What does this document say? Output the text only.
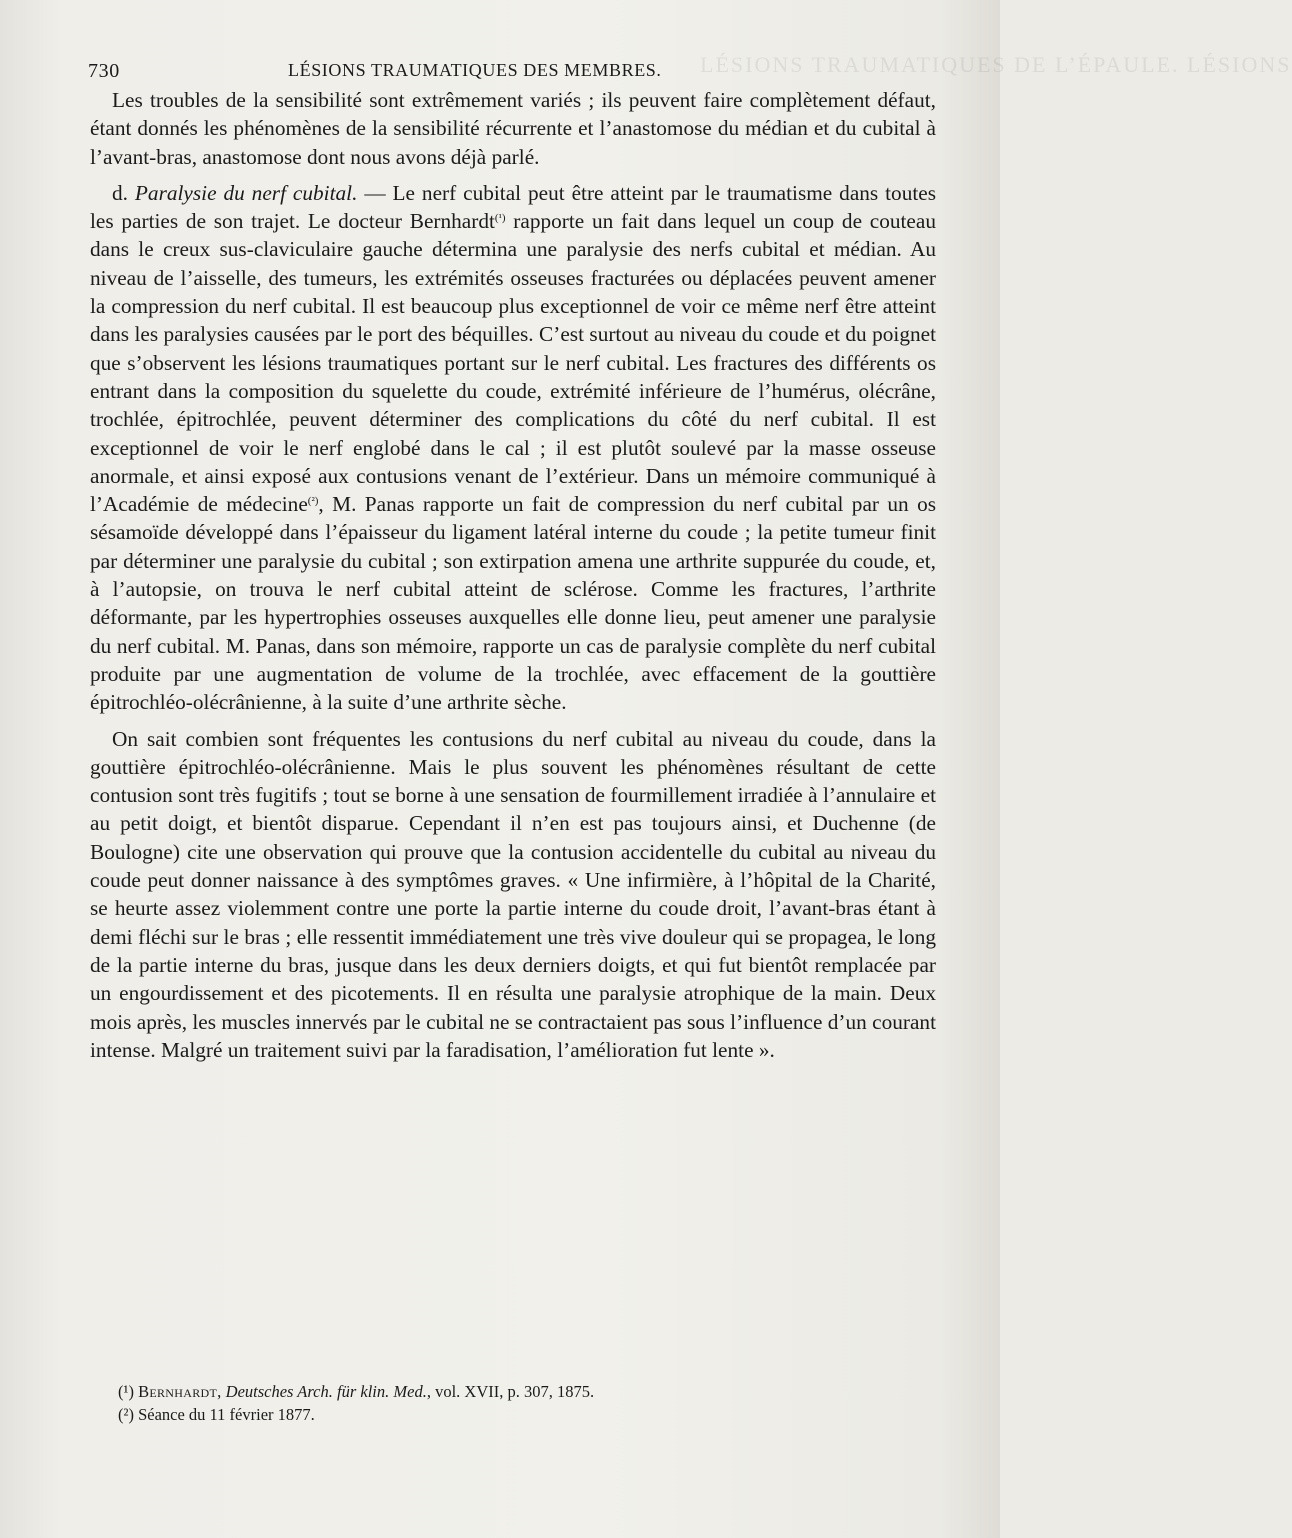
LÉSIONS TRAUMATIQUES DE L’ÉPAULE. LÉSIONS
730	LÉSIONS TRAUMATIQUES DES MEMBRES.

Les troubles de la sensibilité sont extrêmement variés ; ils peuvent faire complètement défaut, étant donnés les phénomènes de la sensibilité récurrente et l’anastomose du médian et du cubital à l’avant-bras, anastomose dont nous avons déjà parlé.

d. Paralysie du nerf cubital. — Le nerf cubital peut être atteint par le traumatisme dans toutes les parties de son trajet. Le docteur Bernhardt$^{(^1)}$ rapporte un fait dans lequel un coup de couteau dans le creux sus-claviculaire gauche détermina une paralysie des nerfs cubital et médian. Au niveau de l’aisselle, des tumeurs, les extrémités osseuses fracturées ou déplacées peuvent amener la compression du nerf cubital. Il est beaucoup plus exceptionnel de voir ce même nerf être atteint dans les paralysies causées par le port des béquilles. C’est surtout au niveau du coude et du poignet que s’observent les lésions traumatiques portant sur le nerf cubital. Les fractures des différents os entrant dans la composition du squelette du coude, extrémité inférieure de l’humérus, olécrâne, trochlée, épitrochlée, peuvent déterminer des complications du côté du nerf cubital. Il est exceptionnel de voir le nerf englobé dans le cal ; il est plutôt soulevé par la masse osseuse anormale, et ainsi exposé aux contusions venant de l’extérieur. Dans un mémoire communiqué à l’Académie de médecine$^{(^2)}$, M. Panas rapporte un fait de compression du nerf cubital par un os sésamoïde développé dans l’épaisseur du ligament latéral interne du coude ; la petite tumeur finit par déterminer une paralysie du cubital ; son extirpation amena une arthrite suppurée du coude, et, à l’autopsie, on trouva le nerf cubital atteint de sclérose. Comme les fractures, l’arthrite déformante, par les hypertrophies osseuses auxquelles elle donne lieu, peut amener une paralysie du nerf cubital. M. Panas, dans son mémoire, rapporte un cas de paralysie complète du nerf cubital produite par une augmentation de volume de la trochlée, avec effacement de la gouttière épitrochléo-olécrânienne, à la suite d’une arthrite sèche.

On sait combien sont fréquentes les contusions du nerf cubital au niveau du coude, dans la gouttière épitrochléo-olécrânienne. Mais le plus souvent les phénomènes résultant de cette contusion sont très fugitifs ; tout se borne à une sensation de fourmillement irradiée à l’annulaire et au petit doigt, et bientôt disparue. Cependant il n’en est pas toujours ainsi, et Duchenne (de Boulogne) cite une observation qui prouve que la contusion accidentelle du cubital au niveau du coude peut donner naissance à des symptômes graves. « Une infirmière, à l’hôpital de la Charité, se heurte assez violemment contre une porte la partie interne du coude droit, l’avant-bras étant à demi fléchi sur le bras ; elle ressentit immédiatement une très vive douleur qui se propagea, le long de la partie interne du bras, jusque dans les deux derniers doigts, et qui fut bientôt remplacée par un engourdissement et des picotements. Il en résulta une paralysie atrophique de la main. Deux mois après, les muscles innervés par le cubital ne se contractaient pas sous l’influence d’un courant intense. Malgré un traitement suivi par la faradisation, l’amélioration fut lente ».

(¹) Bernhardt, Deutsches Arch. für klin. Med., vol. XVII, p. 307, 1875.

(²) Séance du 11 février 1877.
